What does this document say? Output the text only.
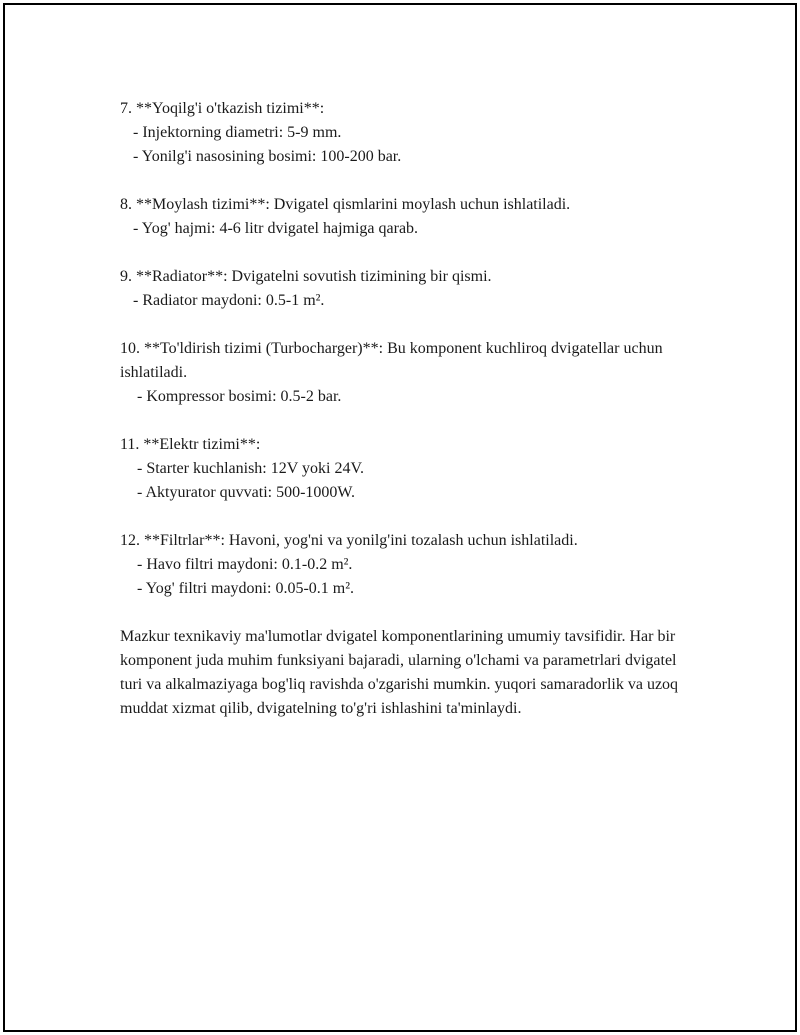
7. **Yoqilg'i o'tkazish tizimi**:
- Injektorning diametri: 5-9 mm.
- Yonilg'i nasosining bosimi: 100-200 bar.
8. **Moylash tizimi**: Dvigatel qismlarini moylash uchun ishlatiladi.
- Yog' hajmi: 4-6 litr dvigatel hajmiga qarab.
9. **Radiator**: Dvigatelni sovutish tizimining bir qismi.
- Radiator maydoni: 0.5-1 m².
10. **To'ldirish tizimi (Turbocharger)**: Bu komponent kuchliroq dvigatellar uchun ishlatiladi.
- Kompressor bosimi: 0.5-2 bar.
11. **Elektr tizimi**:
- Starter kuchlanish: 12V yoki 24V.
- Aktyurator quvvati: 500-1000W.
12. **Filtrlar**: Havoni, yog'ni va yonilg'ini tozalash uchun ishlatiladi.
- Havo filtri maydoni: 0.1-0.2 m².
- Yog' filtri maydoni: 0.05-0.1 m².

Mazkur texnikaviy ma'lumotlar dvigatel komponentlarining umumiy tavsifidir. Har bir komponent juda muhim funksiyani bajaradi, ularning o'lchami va parametrlari dvigatel turi va alkalmaziyaga bog'liq ravishda o'zgarishi mumkin. yuqori samaradorlik va uzoq muddat xizmat qilib, dvigatelning to'g'ri ishlashini ta'minlaydi.
